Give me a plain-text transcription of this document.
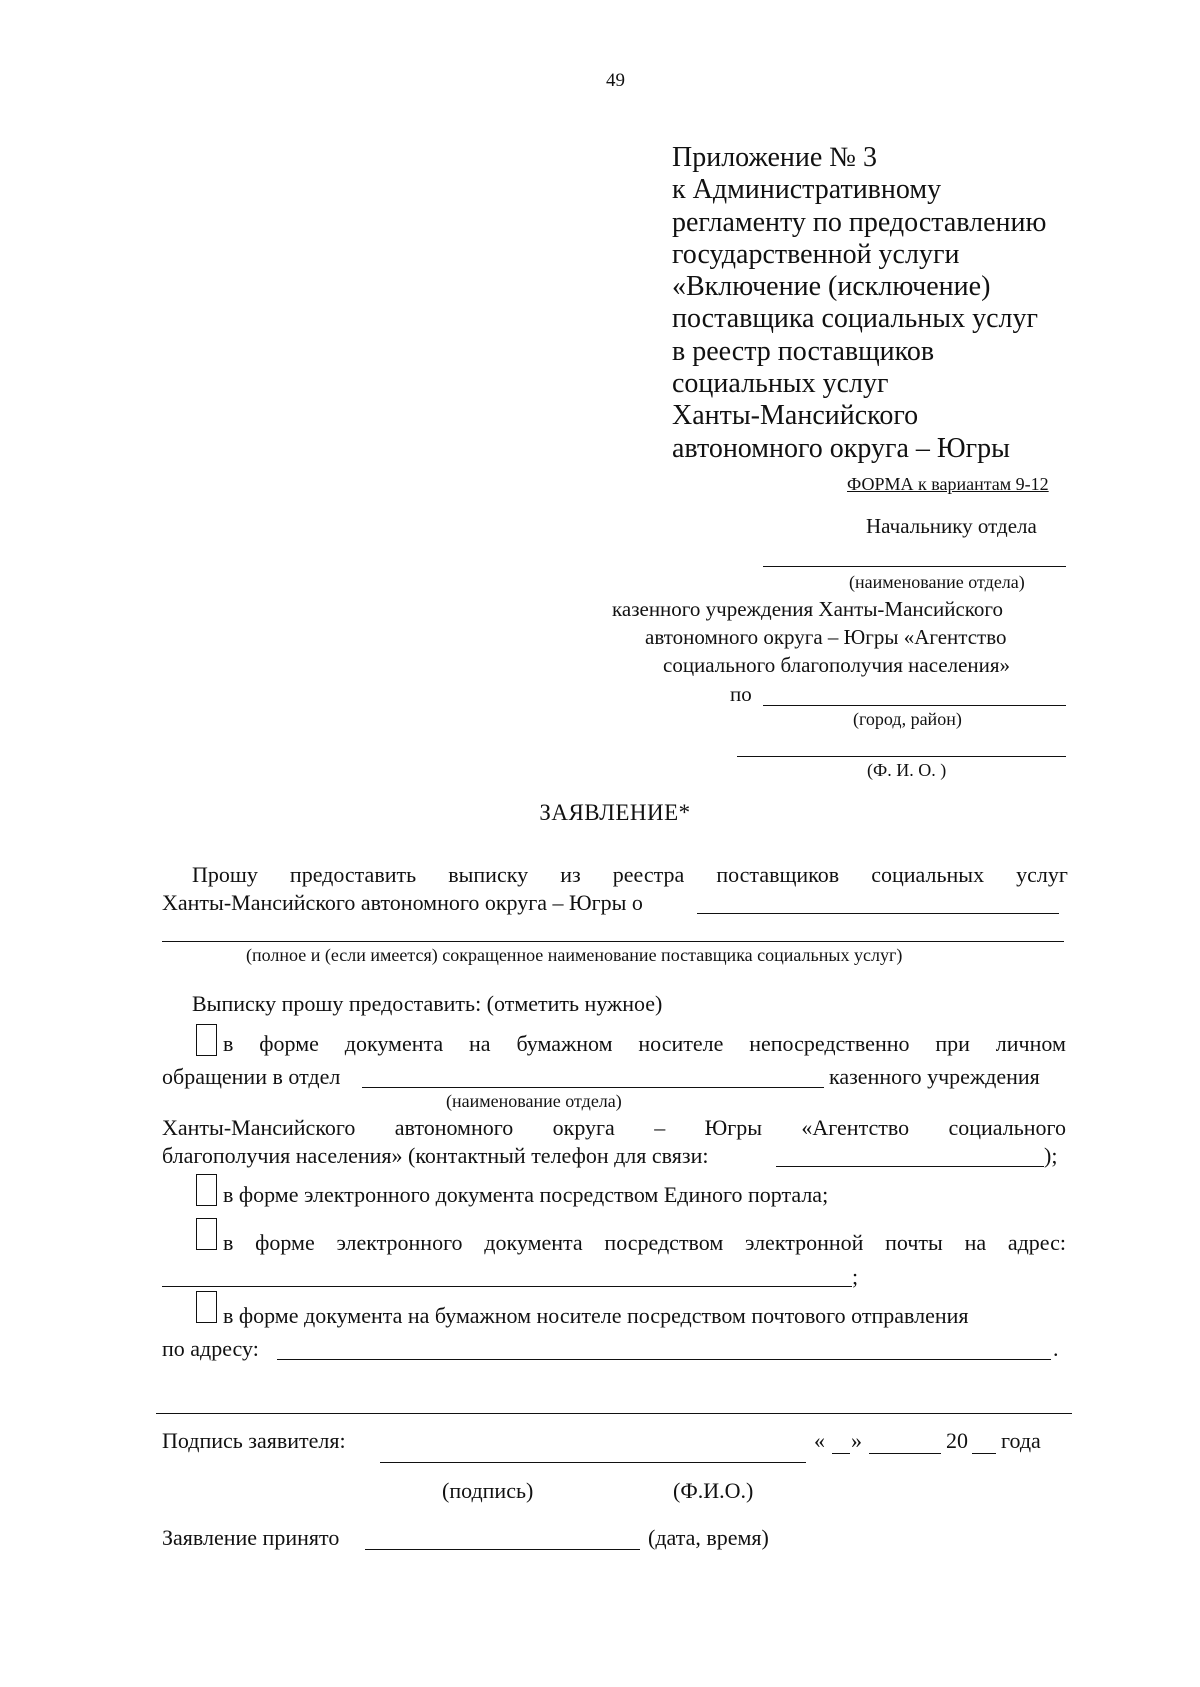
49
Приложение № 3
к Административному
регламенту по предоставлению
государственной услуги
«Включение (исключение)
поставщика социальных услуг
в реестр поставщиков
социальных услуг
Ханты-Мансийского
автономного округа – Югры
ФОРМА к вариантам 9-12
Начальнику отдела
(наименование отдела)
казенного учреждения Ханты-Мансийского
автономного округа – Югры «Агентство
социального благополучия населения»
по
(город, район)
(Ф. И. О. )
ЗАЯВЛЕНИЕ*
Прошу предоставить выписку из реестра поставщиков социальных услуг
Ханты-Мансийского автономного округа – Югры о
(полное и (если имеется) сокращенное наименование поставщика социальных услуг)
Выписку прошу предоставить: (отметить нужное)
в форме документа на бумажном носителе непосредственно при личном
обращении в отдел	казенного учреждения
(наименование отдела)
Ханты-Мансийского автономного округа – Югры «Агентство социального
благополучия населения» (контактный телефон для связи:	);
в форме электронного документа посредством Единого портала;
в форме электронного документа посредством электронной почты на адрес:
;
в форме документа на бумажном носителе посредством почтового отправления
по адресу:	.
Подпись заявителя:	« »	20 года
(подпись)	(Ф.И.О.)
Заявление принято	(дата, время)
